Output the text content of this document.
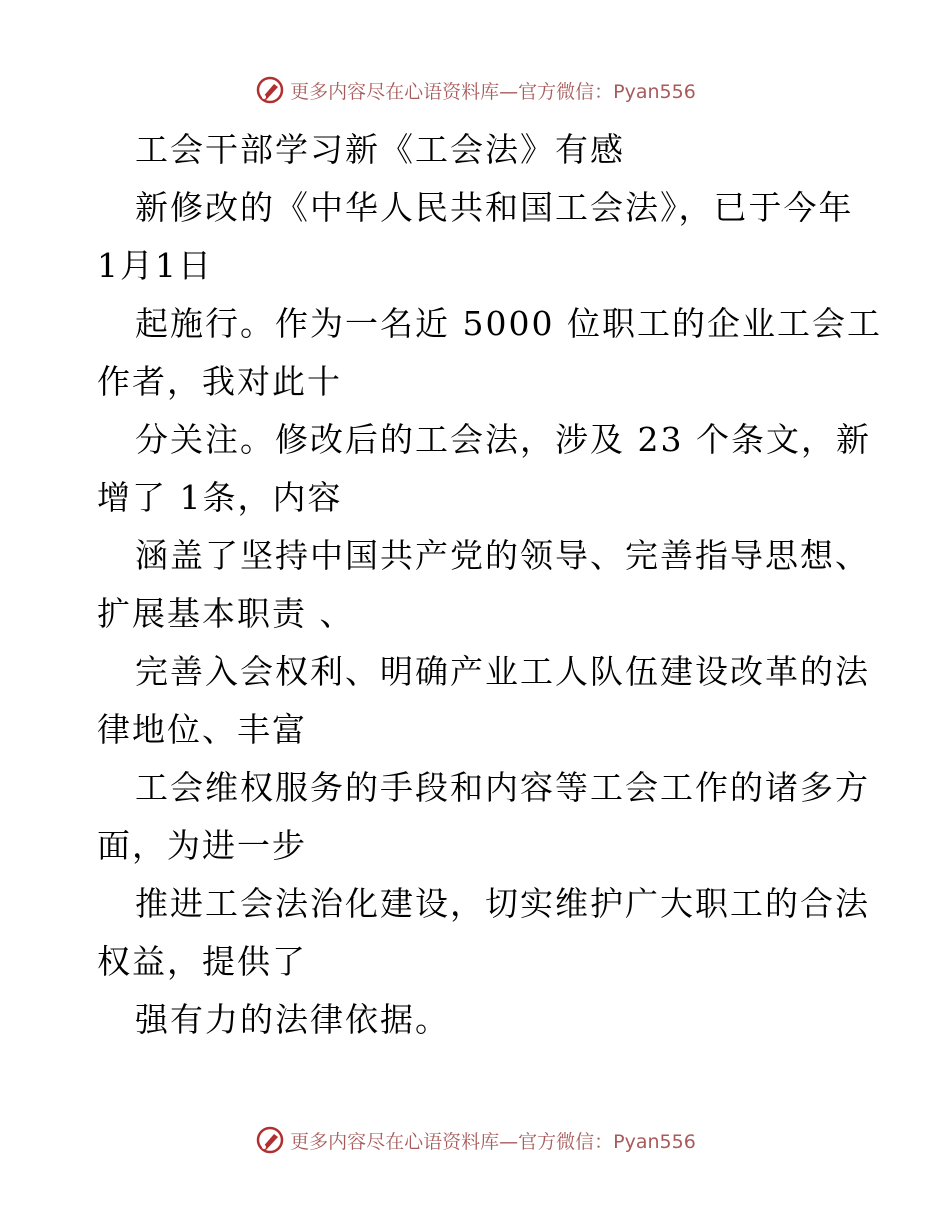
更多内容尽在心语资料库—官方微信：Pyan556
工会干部学习新《工会法》有感
新修改的《中华人民共和国工会法》，已于今年
1月1日
起施行。作为一名近 5000 位职工的企业工会工
作者，我对此十
分关注。修改后的工会法，涉及 23 个条文，新
增了 1条，内容
涵盖了坚持中国共产党的领导、完善指导思想、
扩展基本职责 、
完善入会权利、明确产业工人队伍建设改革的法
律地位、丰富
工会维权服务的手段和内容等工会工作的诸多方
面，为进一步
推进工会法治化建设，切实维护广大职工的合法
权益，提供了
强有力的法律依据。
更多内容尽在心语资料库—官方微信：Pyan556
